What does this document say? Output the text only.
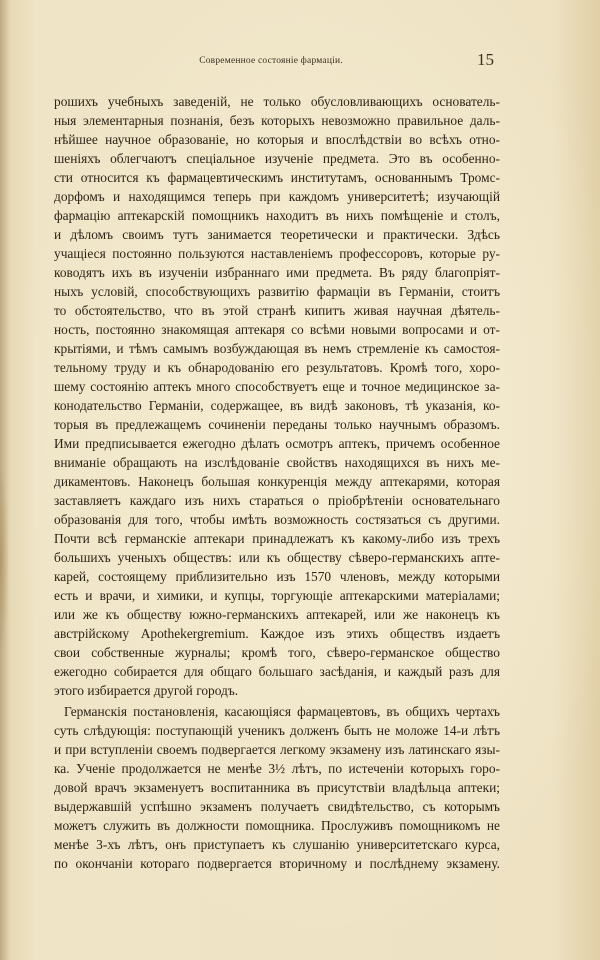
Современное состояніе фармаціи.	15
рошихъ учебныхъ заведеній, не только обусловливающихъ основатель-
ныя элементарныя познанія, безъ которыхъ невозможно правильное даль-
нѣйшее научное образованіе, но которыя и впослѣдствіи во всѣхъ отно-
шеніяхъ облегчаютъ спеціальное изученіе предмета. Это въ особенно-
сти относится къ фармацевтическимъ институтамъ, основаннымъ Тромс-
дорфомъ и находящимся теперь при каждомъ университетѣ; изучающій
фармацію аптекарскій помощникъ находитъ въ нихъ помѣщеніе и столъ,
и дѣломъ своимъ тутъ занимается теоретически и практически. Здѣсь
учащіеся постоянно пользуются наставленіемъ профессоровъ, которые ру-
ководятъ ихъ въ изученіи избраннаго ими предмета. Въ ряду благопріят-
ныхъ условій, способствующихъ развитію фармаціи въ Германіи, стоитъ
то обстоятельство, что въ этой странѣ кипитъ живая научная дѣятель-
ность, постоянно знакомящая аптекаря со всѣми новыми вопросами и от-
крытіями, и тѣмъ самымъ возбуждающая въ немъ стремленіе къ самостоя-
тельному труду и къ обнародованію его результатовъ. Кромѣ того, хоро-
шему состоянію аптекъ много способствуетъ еще и точное медицинское за-
конодательство Германіи, содержащее, въ видѣ законовъ, тѣ указанія, ко-
торыя въ предлежащемъ сочиненіи переданы только научнымъ образомъ.
Ими предписывается ежегодно дѣлать осмотръ аптекъ, причемъ особенное
вниманіе обращають на изслѣдованіе свойствъ находящихся въ нихъ ме-
дикаментовъ. Наконецъ большая конкуренція между аптекарями, которая
заставляетъ каждаго изъ нихъ стараться о пріобрѣтеніи основательнаго
образованія для того, чтобы имѣть возможность состязаться съ другими.
Почти всѣ германскіе аптекари принадлежатъ къ какому-либо изъ трехъ
большихъ ученыхъ обществъ: или къ обществу сѣверо-германскихъ апте-
карей, состоящему приблизительно изъ 1570 членовъ, между которыми
есть и врачи, и химики, и купцы, торгующіе аптекарскими матеріалами;
или же къ обществу южно-германскихъ аптекарей, или же наконецъ къ
австрійскому Apothekergremium. Каждое изъ этихъ обществъ издаетъ
свои собственные журналы; кромѣ того, сѣверо-германское общество
ежегодно собирается для общаго большаго засѣданія, и каждый разъ для
этого избирается другой городъ.
Германскія постановленія, касающіяся фармацевтовъ, въ общихъ чертахъ
суть слѣдующія: поступающій ученикъ долженъ быть не моложе 14-и лѣтъ
и при вступленіи своемъ подвергается легкому экзамену изъ латинскаго язы-
ка. Ученіе продолжается не менѣе 3½ лѣтъ, по истеченіи которыхъ горо-
довой врачъ экзаменуетъ воспитанника въ присутствіи владѣльца аптеки;
выдержавшій успѣшно экзаменъ получаетъ свидѣтельство, съ которымъ
можетъ служить въ должности помощника. Прослуживъ помощникомъ не
менѣе 3-хъ лѣтъ, онъ приступаетъ къ слушанію университетскаго курса,
по окончаніи котораго подвергается вторичному и послѣднему экзамену.
